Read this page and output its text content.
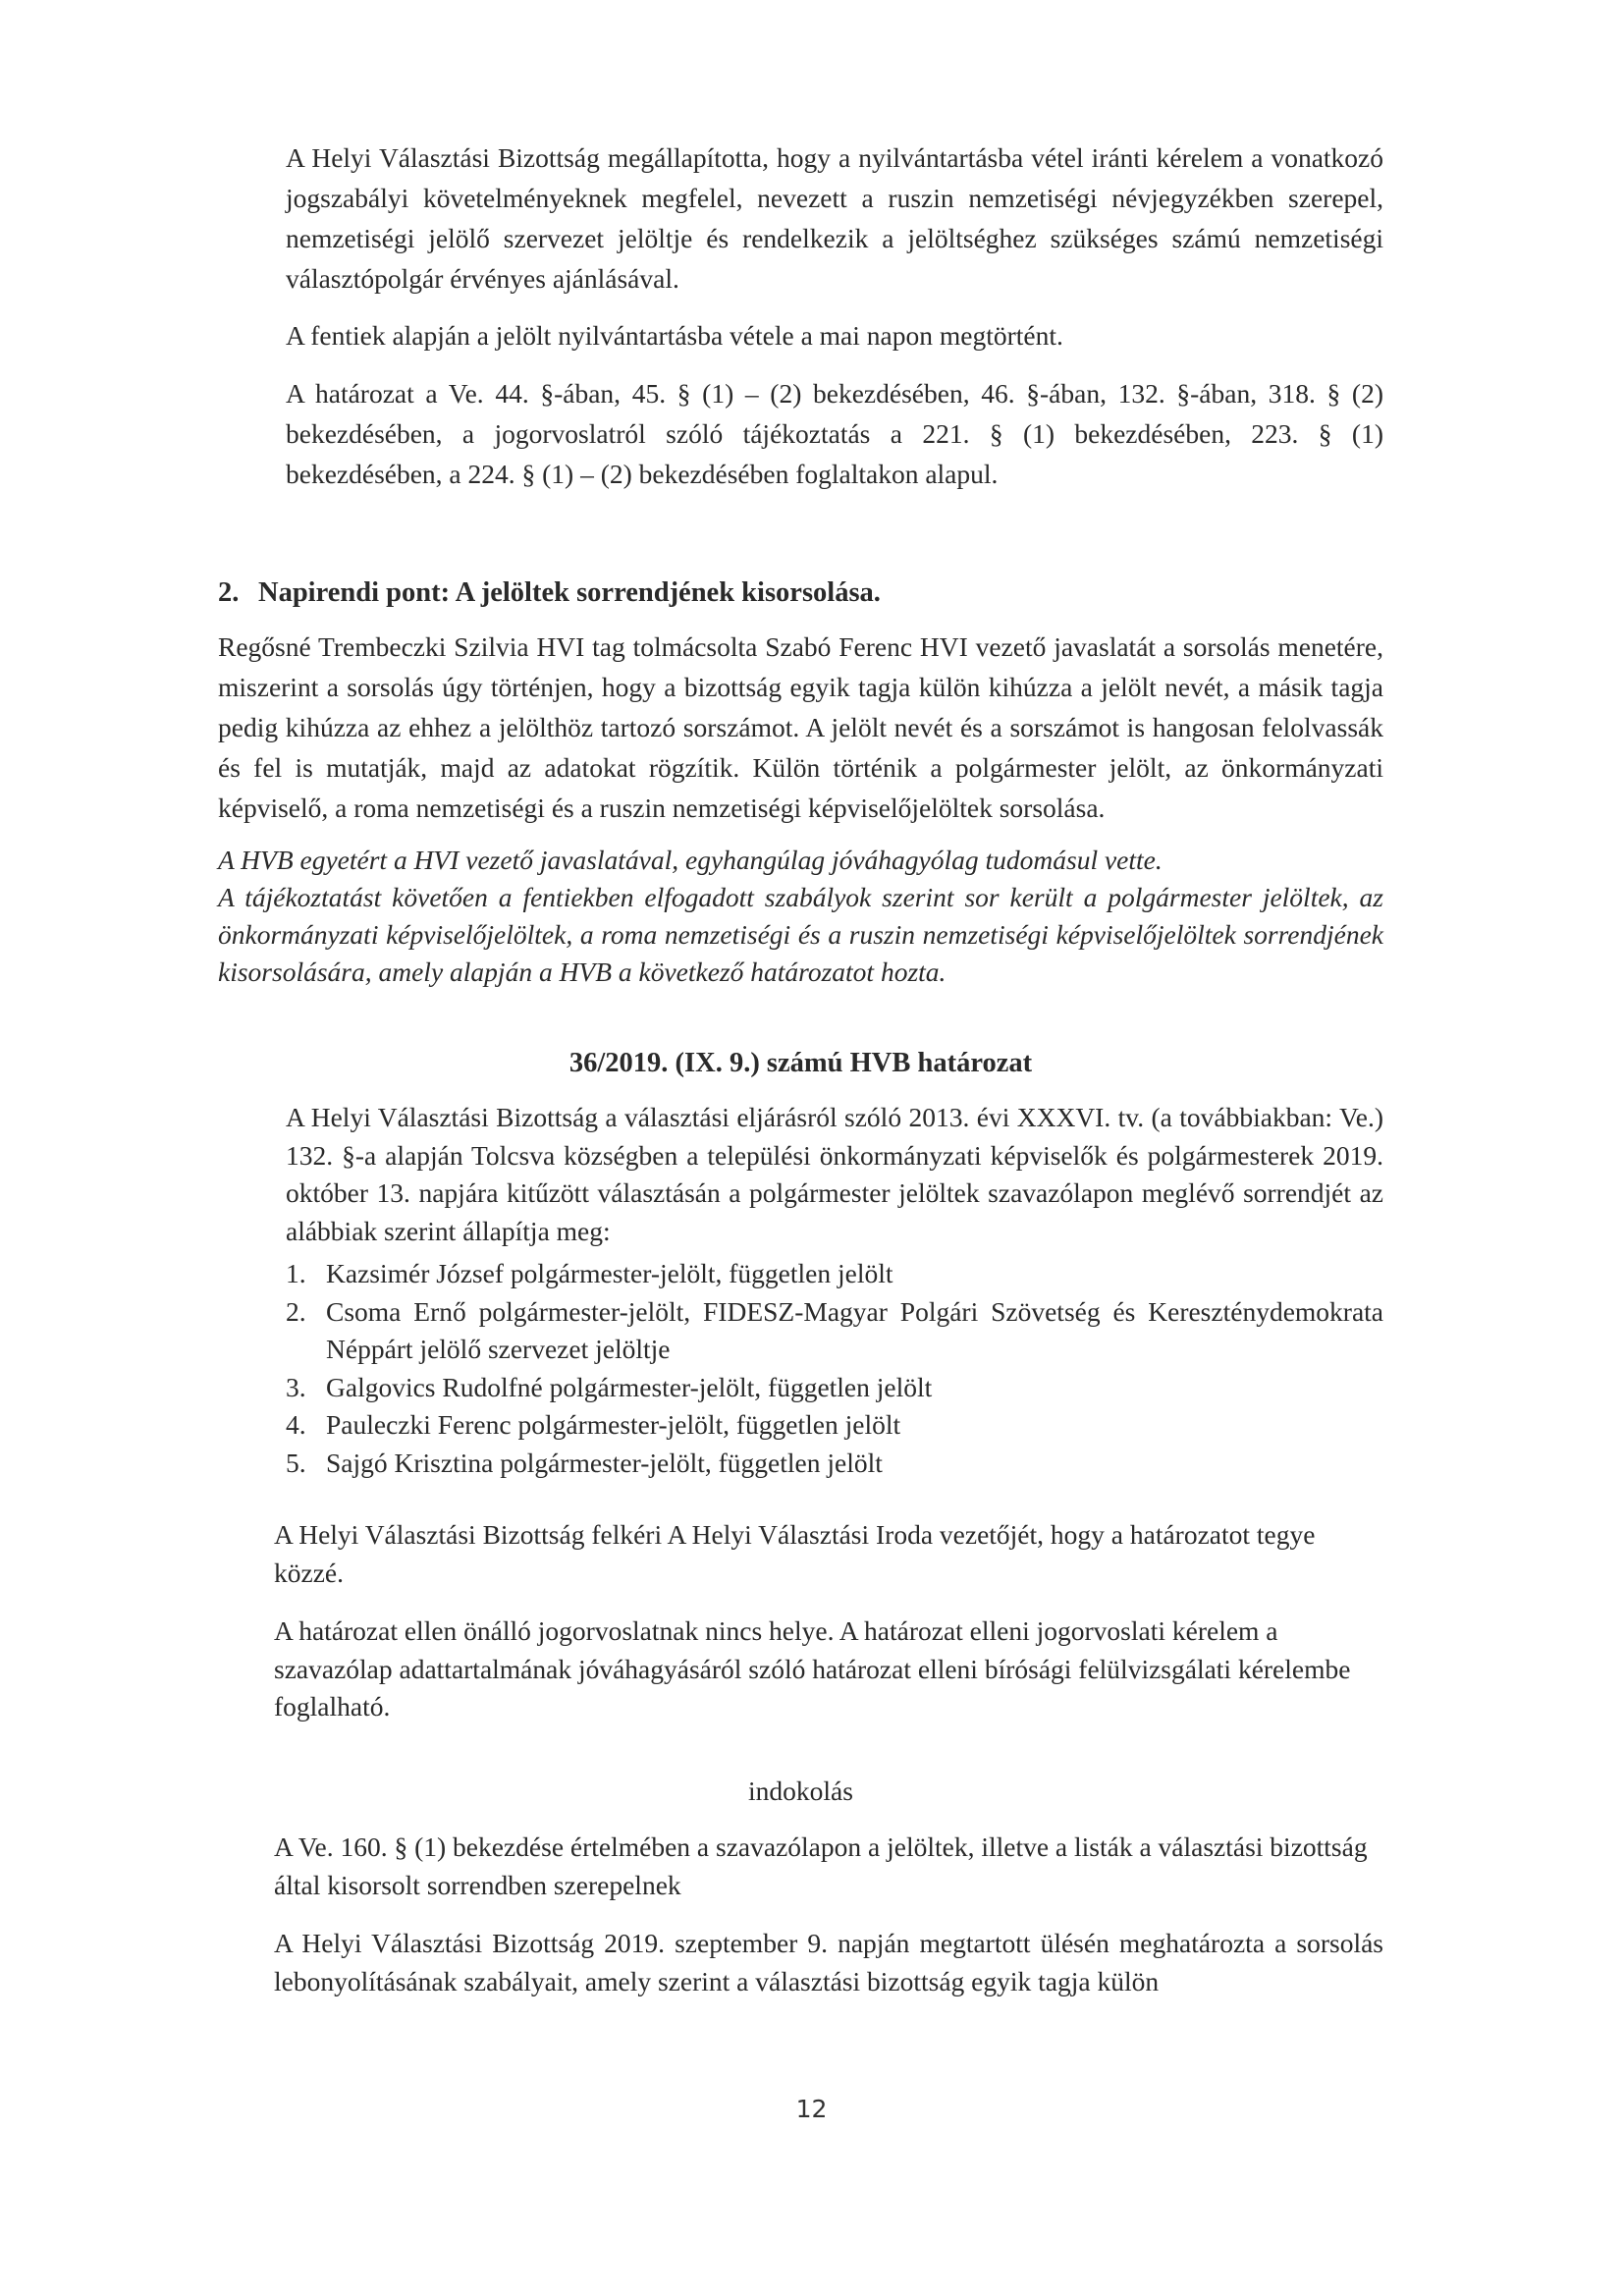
A Helyi Választási Bizottság megállapította, hogy a nyilvántartásba vétel iránti kérelem a vonatkozó jogszabályi követelményeknek megfelel, nevezett a ruszin nemzetiségi névjegyzékben szerepel, nemzetiségi jelölő szervezet jelöltje és rendelkezik a jelöltséghez szükséges számú nemzetiségi választópolgár érvényes ajánlásával.

A fentiek alapján a jelölt nyilvántartásba vétele a mai napon megtörtént.

A határozat a Ve. 44. §-ában, 45. § (1) – (2) bekezdésében, 46. §-ában, 132. §-ában, 318. § (2) bekezdésében, a jogorvoslatról szóló tájékoztatás a 221. § (1) bekezdésében, 223. § (1) bekezdésében, a 224. § (1) – (2) bekezdésében foglaltakon alapul.

2. Napirendi pont: A jelöltek sorrendjének kisorsolása.

Regősné Trembeczki Szilvia HVI tag tolmácsolta Szabó Ferenc HVI vezető javaslatát a sorsolás menetére, miszerint a sorsolás úgy történjen, hogy a bizottság egyik tagja külön kihúzza a jelölt nevét, a másik tagja pedig kihúzza az ehhez a jelölthöz tartozó sorszámot. A jelölt nevét és a sorszámot is hangosan felolvassák és fel is mutatják, majd az adatokat rögzítik. Külön történik a polgármester jelölt, az önkormányzati képviselő, a roma nemzetiségi és a ruszin nemzetiségi képviselőjelöltek sorsolása.

A HVB egyetért a HVI vezető javaslatával, egyhangúlag jóváhagyólag tudomásul vette.

A tájékoztatást követően a fentiekben elfogadott szabályok szerint sor került a polgármester jelöltek, az önkormányzati képviselőjelöltek, a roma nemzetiségi és a ruszin nemzetiségi képviselőjelöltek sorrendjének kisorsolására, amely alapján a HVB a következő határozatot hozta.

36/2019. (IX. 9.) számú HVB határozat

A Helyi Választási Bizottság a választási eljárásról szóló 2013. évi XXXVI. tv. (a továbbiakban: Ve.) 132. §-a alapján Tolcsva községben a települési önkormányzati képviselők és polgármesterek 2019. október 13. napjára kitűzött választásán a polgármester jelöltek szavazólapon meglévő sorrendjét az alábbiak szerint állapítja meg:

1. Kazsimér József polgármester-jelölt, független jelölt
2. Csoma Ernő polgármester-jelölt, FIDESZ-Magyar Polgári Szövetség és Kereszténydemokrata Néppárt jelölő szervezet jelöltje
3. Galgovics Rudolfné polgármester-jelölt, független jelölt
4. Pauleczki Ferenc polgármester-jelölt, független jelölt
5. Sajgó Krisztina polgármester-jelölt, független jelölt

A Helyi Választási Bizottság felkéri A Helyi Választási Iroda vezetőjét, hogy a határozatot tegye közzé.

A határozat ellen önálló jogorvoslatnak nincs helye. A határozat elleni jogorvoslati kérelem a szavazólap adattartalmának jóváhagyásáról szóló határozat elleni bírósági felülvizsgálati kérelembe foglalható.

indokolás

A Ve. 160. § (1) bekezdése értelmében a szavazólapon a jelöltek, illetve a listák a választási bizottság által kisorsolt sorrendben szerepelnek

A Helyi Választási Bizottság 2019. szeptember 9. napján megtartott ülésén meghatározta a sorsolás lebonyolításának szabályait, amely szerint a választási bizottság egyik tagja külön

12
